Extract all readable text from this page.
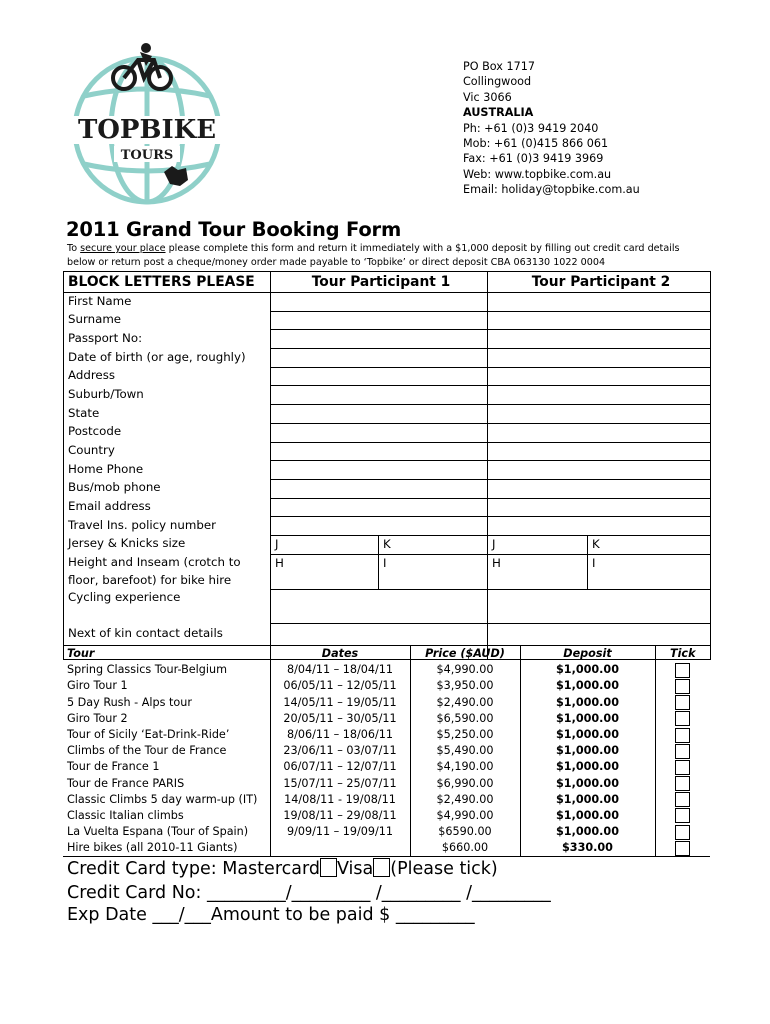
TOPBIKE
TOURS
PO Box 1717
Collingwood
Vic 3066
AUSTRALIA
Ph: +61 (0)3 9419 2040
Mob: +61 (0)415 866 061
Fax: +61 (0)3 9419 3969
Web: www.topbike.com.au
Email: holiday@topbike.com.au
2011 Grand Tour Booking Form
To secure your place please complete this form and return it immediately with a $1,000 deposit by filling out credit card details below or return post a cheque/money order made payable to ‘Topbike’ or direct deposit CBA 063130 1022 0004
BLOCK LETTERS PLEASE	Tour Participant 1		Tour Participant 2	
First Name				
Surname				
Passport No:				
Date of birth (or age, roughly)				
Address				
Suburb/Town				
State				
Postcode				
Country				
Home Phone				
Bus/mob phone				
Email address				
Travel Ins. policy number				
Jersey & Knicks size	J	K	J	K
Height and Inseam (crotch to
floor, barefoot) for bike hire	H	I	H	I
Cycling experience				
Next of kin contact details				
Tour	Dates	Price ($AUD)	Deposit	Tick
Spring Classics Tour-Belgium	8/04/11 – 18/04/11	$4,990.00	$1,000.00	
Giro Tour 1	06/05/11 – 12/05/11	$3,950.00	$1,000.00	
5 Day Rush - Alps tour	14/05/11 – 19/05/11	$2,490.00	$1,000.00	
Giro Tour 2	20/05/11 – 30/05/11	$6,590.00	$1,000.00	
Tour of Sicily ‘Eat-Drink-Ride’	8/06/11 – 18/06/11	$5,250.00	$1,000.00	
Climbs of the Tour de France	23/06/11 – 03/07/11	$5,490.00	$1,000.00	
Tour de France 1	06/07/11 – 12/07/11	$4,190.00	$1,000.00	
Tour de France PARIS	15/07/11 – 25/07/11	$6,990.00	$1,000.00	
Classic Climbs 5 day warm-up (IT)	14/08/11 - 19/08/11	$2,490.00	$1,000.00	
Classic Italian climbs	19/08/11 – 29/08/11	$4,990.00	$1,000.00	
La Vuelta Espana (Tour of Spain)	9/09/11 – 19/09/11	$6590.00	$1,000.00	
Hire bikes (all 2010-11 Giants)		$660.00	$330.00	
Credit Card type: Mastercard Visa (Please tick)
Credit Card No: _________/_________ /_________ /_________
Exp Date ___/___Amount to be paid $ _________
